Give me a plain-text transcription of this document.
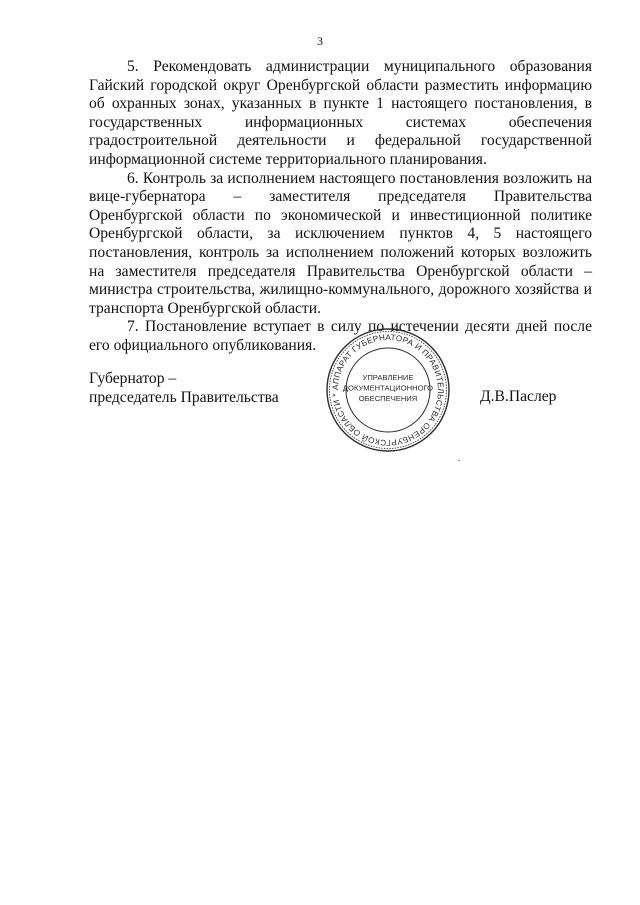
3

5. Рекомендовать администрации муниципального образования Гайский городской округ Оренбургской области разместить информацию об охранных зонах, указанных в пункте 1 настоящего постановления, в государственных информационных системах обеспечения градостроительной деятельности и федеральной государственной информационной системе территориального планирования.

6. Контроль за исполнением настоящего постановления возложить на вице-губернатора – заместителя председателя Правительства Оренбургской области по экономической и инвестиционной политике Оренбургской области, за исключением пунктов 4, 5 настоящего постановления, контроль за исполнением положений которых возложить на заместителя председателя Правительства Оренбургской области – министра строительства, жилищно-коммунального, дорожного хозяйства и транспорта Оренбургской области.

7. Постановление вступает в силу по истечении десяти дней после его официального опубликования.

Губернатор –
председатель Правительства	Д.В.Паслер
АППАРАТ ГУБЕРНАТОРА И ПРАВИТЕЛЬСТВА ОРЕНБУРГСКОЙ ОБЛАСТИ *
УПРАВЛЕНИЕ
ДОКУМЕНТАЦИОННОГО
ОБЕСПЕЧЕНИЯ
